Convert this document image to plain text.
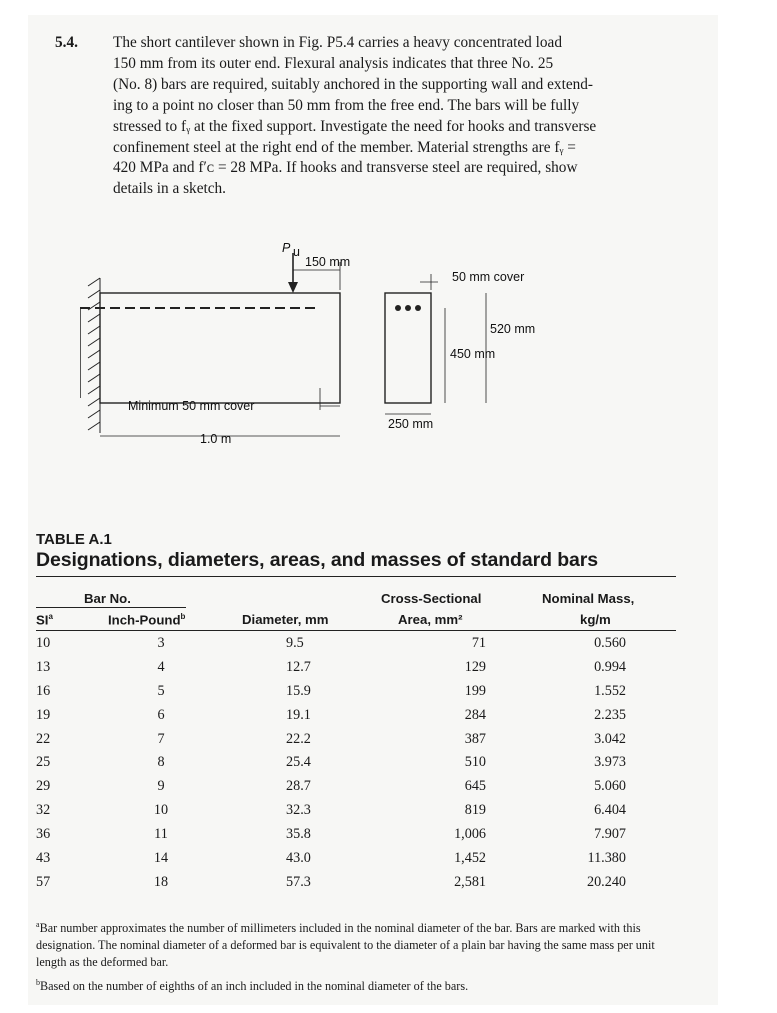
5.4. The short cantilever shown in Fig. P5.4 carries a heavy concentrated load
150 mm from its outer end. Flexural analysis indicates that three No. 25
(No. 8) bars are required, suitably anchored in the supporting wall and extend-
ing to a point no closer than 50 mm from the free end. The bars will be fully
stressed to fᵧ at the fixed support. Investigate the need for hooks and transverse
confinement steel at the right end of the member. Material strengths are fᵧ =
420 MPa and f′ᴄ = 28 MPa. If hooks and transverse steel are required, show
details in a sketch.
P u
150 mm
Minimum 50 mm cover
1.0 m
50 mm cover
520 mm
450 mm
250 mm
TABLE A.1
Designations, diameters, areas, and masses of standard bars
Bar No.
$SI^a$	Inch-Pound$^b$	Diameter, mm
Cross-Sectional
Area, mm²
Nominal Mass,
kg/m
10	3	9.5	71	0.560
13	4	12.7	129	0.994
16	5	15.9	199	1.552
19	6	19.1	284	2.235
22	7	22.2	387	3.042
25	8	25.4	510	3.973
29	9	28.7	645	5.060
32	10	32.3	819	6.404
36	11	35.8	1,006	7.907
43	14	43.0	1,452	11.380
57	18	57.3	2,581	20.240

$^a$Bar number approximates the number of millimeters included in the nominal diameter of the bar. Bars are marked with this designation. The nominal diameter of a deformed bar is equivalent to the diameter of a plain bar having the same mass per unit length as the deformed bar.

$^b$Based on the number of eighths of an inch included in the nominal diameter of the bars.
